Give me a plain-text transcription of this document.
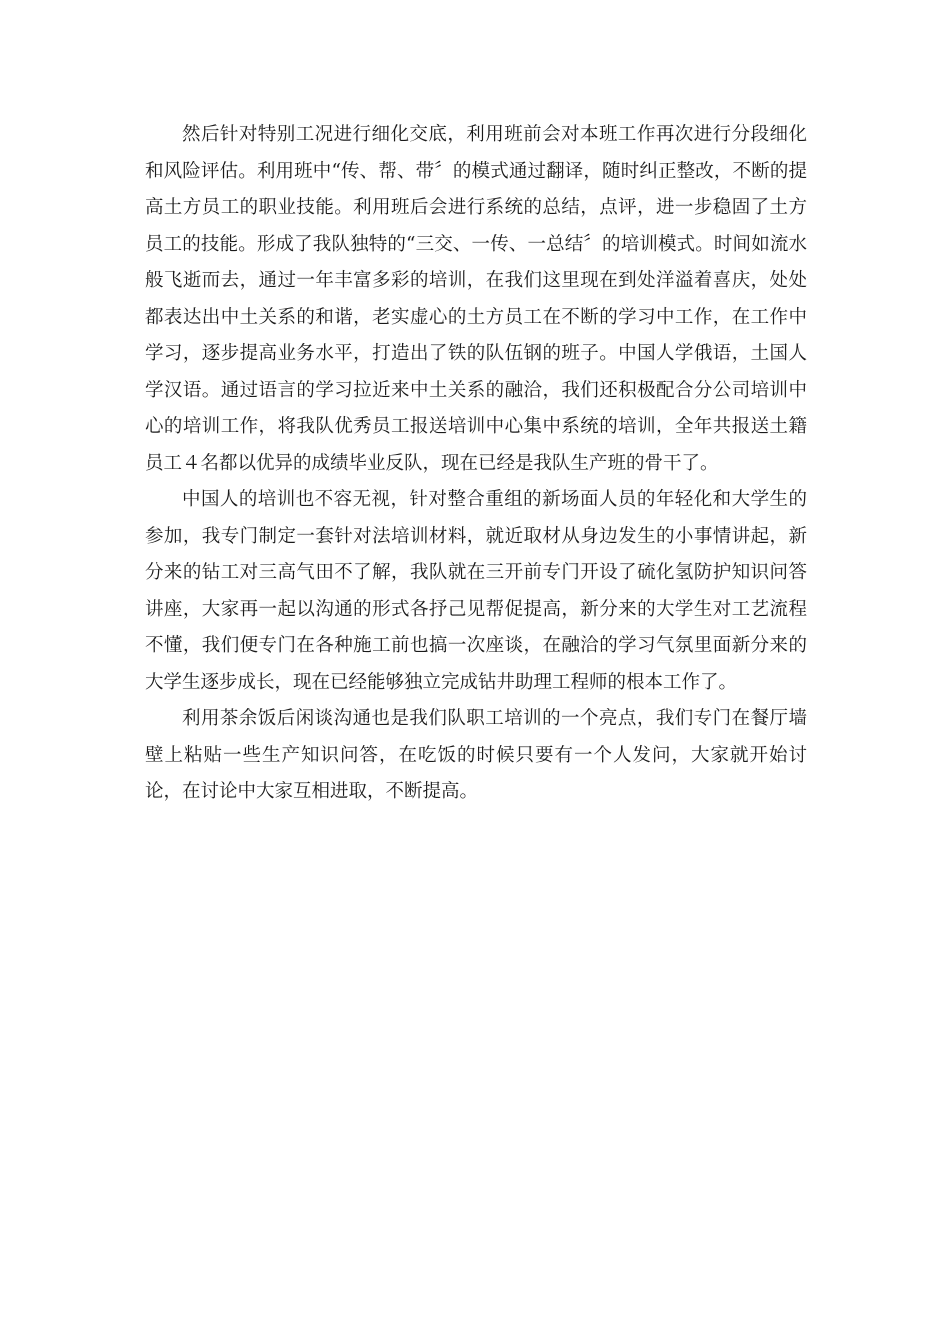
然后针对特别工况进行细化交底，利用班前会对本班工作再次进行分段细化和风险评估。利用班中“传、帮、带〞的模式通过翻译，随时纠正整改，不断的提高土方员工的职业技能。利用班后会进行系统的总结，点评，进一步稳固了土方员工的技能。形成了我队独特的“三交、一传、一总结〞的培训模式。时间如流水般飞逝而去，通过一年丰富多彩的培训，在我们这里现在到处洋溢着喜庆，处处都表达出中土关系的和谐，老实虚心的土方员工在不断的学习中工作，在工作中学习，逐步提高业务水平，打造出了铁的队伍钢的班子。中国人学俄语，土国人学汉语。通过语言的学习拉近来中土关系的融洽，我们还积极配合分公司培训中心的培训工作，将我队优秀员工报送培训中心集中系统的培训，全年共报送土籍员工４名都以优异的成绩毕业反队，现在已经是我队生产班的骨干了。

中国人的培训也不容无视，针对整合重组的新场面人员的年轻化和大学生的参加，我专门制定一套针对法培训材料，就近取材从身边发生的小事情讲起，新分来的钻工对三高气田不了解，我队就在三开前专门开设了硫化氢防护知识问答讲座，大家再一起以沟通的形式各抒己见帮促提高，新分来的大学生对工艺流程不懂，我们便专门在各种施工前也搞一次座谈，在融洽的学习气氛里面新分来的大学生逐步成长，现在已经能够独立完成钻井助理工程师的根本工作了。

利用茶余饭后闲谈沟通也是我们队职工培训的一个亮点，我们专门在餐厅墙壁上粘贴一些生产知识问答，在吃饭的时候只要有一个人发问，大家就开始讨论，在讨论中大家互相进取，不断提高。
